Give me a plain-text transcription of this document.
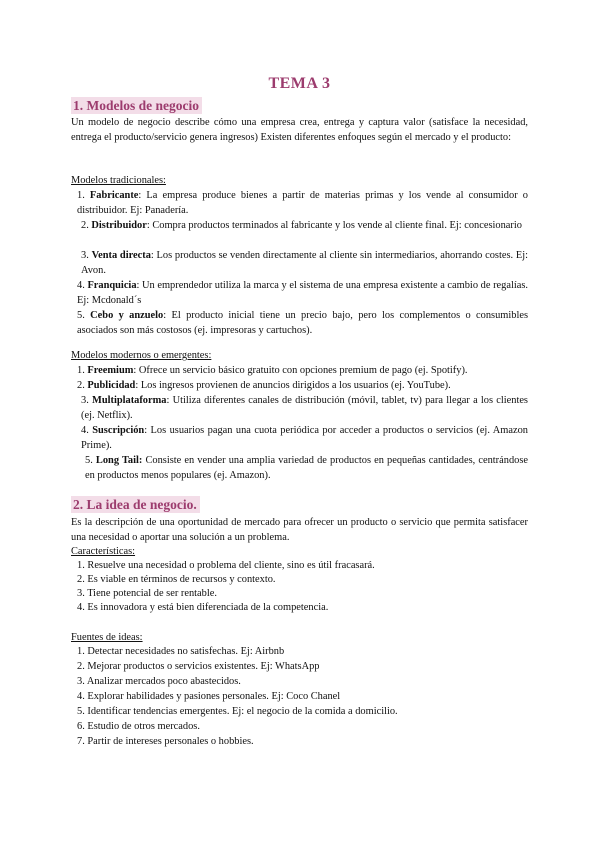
TEMA 3
1. Modelos de negocio
Un modelo de negocio describe cómo una empresa crea, entrega y captura valor (satisface la necesidad, entrega el producto/servicio genera ingresos) Existen diferentes enfoques según el mercado y el producto:
Modelos tradicionales:
1. Fabricante: La empresa produce bienes a partir de materias primas y los vende al consumidor o distribuidor. Ej: Panadería.
2. Distribuidor: Compra productos terminados al fabricante y los vende al cliente final. Ej: concesionario
3. Venta directa: Los productos se venden directamente al cliente sin intermediarios, ahorrando costes. Ej: Avon.
4. Franquicia: Un emprendedor utiliza la marca y el sistema de una empresa existente a cambio de regalías. Ej: Mcdonald´s
5. Cebo y anzuelo: El producto inicial tiene un precio bajo, pero los complementos o consumibles asociados son más costosos (ej. impresoras y cartuchos).
Modelos modernos o emergentes:
1. Freemium: Ofrece un servicio básico gratuito con opciones premium de pago (ej. Spotify).
2. Publicidad: Los ingresos provienen de anuncios dirigidos a los usuarios (ej. YouTube).
3. Multiplataforma: Utiliza diferentes canales de distribución (móvil, tablet, tv) para llegar a los clientes (ej. Netflix).
4. Suscripción: Los usuarios pagan una cuota periódica por acceder a productos o servicios (ej. Amazon Prime).
5. Long Tail: Consiste en vender una amplia variedad de productos en pequeñas cantidades, centrándose en productos menos populares (ej. Amazon).
2. La idea de negocio.
Es la descripción de una oportunidad de mercado para ofrecer un producto o servicio que permita satisfacer una necesidad o aportar una solución a un problema.
Características:
1. Resuelve una necesidad o problema del cliente, sino es útil fracasará.
2. Es viable en términos de recursos y contexto.
3. Tiene potencial de ser rentable.
4. Es innovadora y está bien diferenciada de la competencia.
Fuentes de ideas:
1. Detectar necesidades no satisfechas. Ej: Airbnb
2. Mejorar productos o servicios existentes. Ej: WhatsApp
3. Analizar mercados poco abastecidos.
4. Explorar habilidades y pasiones personales. Ej: Coco Chanel
5. Identificar tendencias emergentes. Ej: el negocio de la comida a domicilio.
6. Estudio de otros mercados.
7. Partir de intereses personales o hobbies.
